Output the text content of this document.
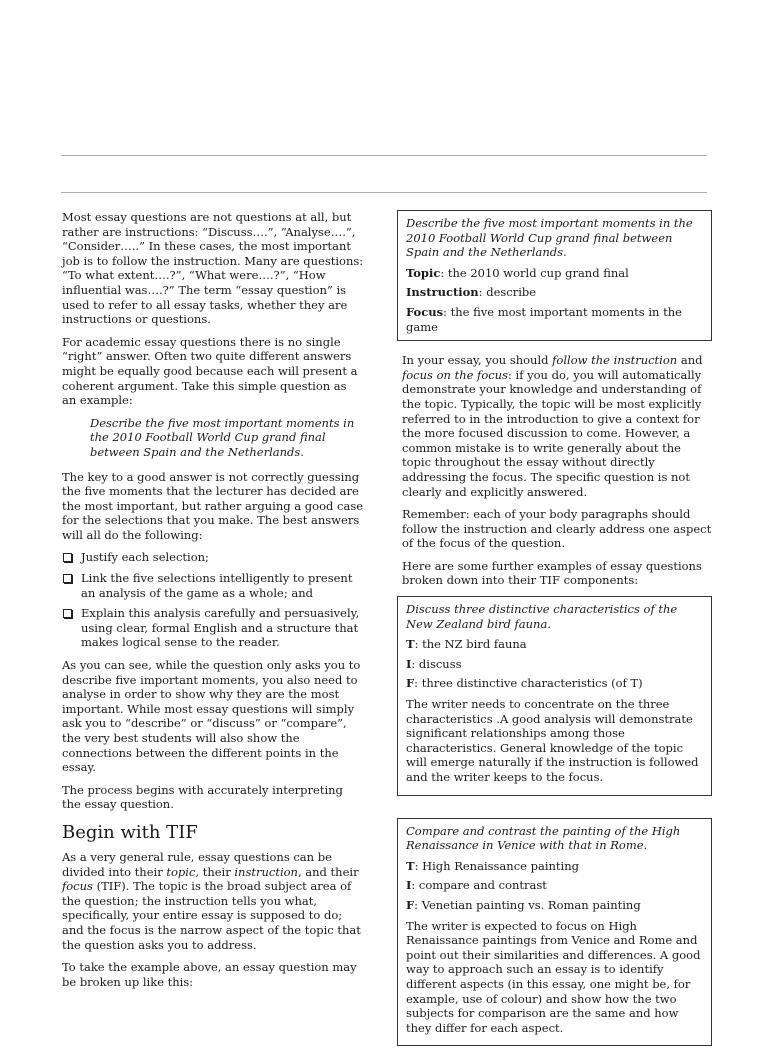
Most essay questions are not questions at all, but rather are instructions: “Discuss….”, “Analyse….”, “Consider…..” In these cases, the most important job is to follow the instruction. Many are questions: “To what extent….?”, “What were….?”, “How influential was….?” The term “essay question” is used to refer to all essay tasks, whether they are instructions or questions.

For academic essay questions there is no single “right” answer. Often two quite different answers might be equally good because each will present a coherent argument. Take this simple question as an example:

Describe the five most important moments in the 2010 Football World Cup grand final between Spain and the Netherlands.

The key to a good answer is not correctly guessing the five moments that the lecturer has decided are the most important, but rather arguing a good case for the selections that you make. The best answers will all do the following:

Justify each selection;
Link the five selections intelligently to present an analysis of the game as a whole; and
Explain this analysis carefully and persuasively, using clear, formal English and a structure that makes logical sense to the reader.

As you can see, while the question only asks you to describe five important moments, you also need to analyse in order to show why they are the most important. While most essay questions will simply ask you to “describe” or “discuss” or “compare”, the very best students will also show the connections between the different points in the essay.

The process begins with accurately interpreting the essay question.

Begin with TIF

As a very general rule, essay questions can be divided into their topic, their instruction, and their focus (TIF). The topic is the broad subject area of the question; the instruction tells you what, specifically, your entire essay is supposed to do; and the focus is the narrow aspect of the topic that the question asks you to address.

To take the example above, an essay question may be broken up like this:

Describe the five most important moments in the 2010 Football World Cup grand final between Spain and the Netherlands.

Topic: the 2010 world cup grand final

Instruction: describe

Focus: the five most important moments in the game

In your essay, you should follow the instruction and focus on the focus: if you do, you will automatically demonstrate your knowledge and understanding of the topic. Typically, the topic will be most explicitly referred to in the introduction to give a context for the more focused discussion to come. However, a common mistake is to write generally about the topic throughout the essay without directly addressing the focus. The specific question is not clearly and explicitly answered.

Remember: each of your body paragraphs should follow the instruction and clearly address one aspect of the focus of the question.

Here are some further examples of essay questions broken down into their TIF components:

Discuss three distinctive characteristics of the New Zealand bird fauna.

T: the NZ bird fauna

I: discuss

F: three distinctive characteristics (of T)

The writer needs to concentrate on the three characteristics .A good analysis will demonstrate significant relationships among those characteristics. General knowledge of the topic will emerge naturally if the instruction is followed and the writer keeps to the focus.

Compare and contrast the painting of the High Renaissance in Venice with that in Rome.

T: High Renaissance painting

I: compare and contrast

F: Venetian painting vs. Roman painting

The writer is expected to focus on High Renaissance paintings from Venice and Rome and point out their similarities and differences. A good way to approach such an essay is to identify different aspects (in this essay, one might be, for example, use of colour) and show how the two subjects for comparison are the same and how they differ for each aspect.
